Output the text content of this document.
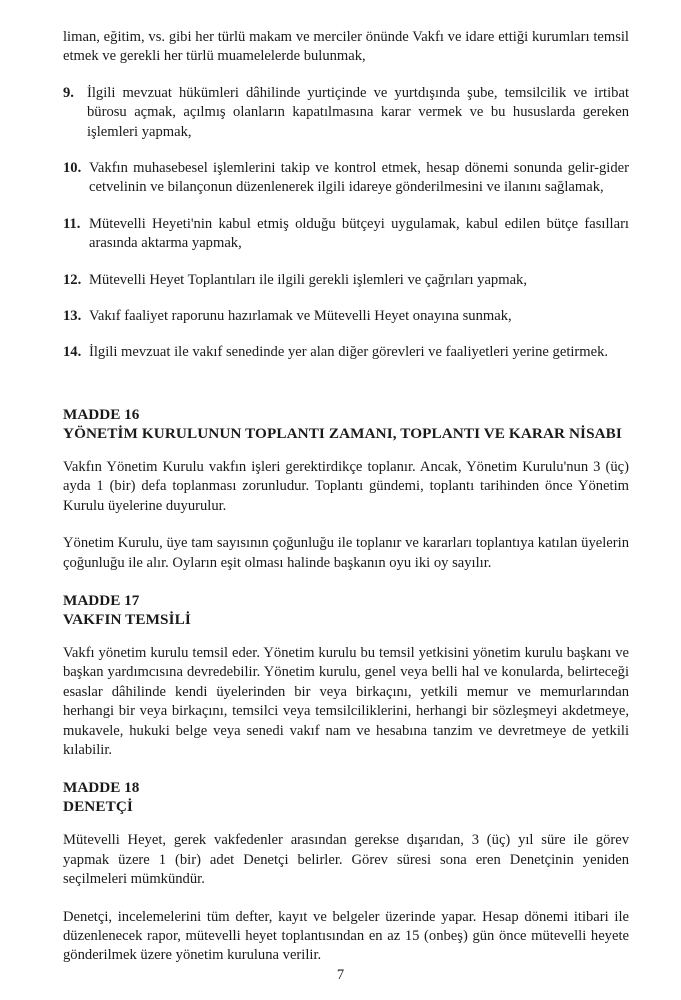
liman, eğitim, vs. gibi her türlü makam ve merciler önünde Vakfı ve idare ettiği kurumları temsil etmek ve gerekli her türlü muamelelerde bulunmak,

9. İlgili mevzuat hükümleri dâhilinde yurtiçinde ve yurtdışında şube, temsilcilik ve irtibat bürosu açmak, açılmış olanların kapatılmasına karar vermek ve bu hususlarda gereken işlemleri yapmak,
10. Vakfın muhasebesel işlemlerini takip ve kontrol etmek, hesap dönemi sonunda gelir-gider cetvelinin ve bilançonun düzenlenerek ilgili idareye gönderilmesini ve ilanını sağlamak,
11. Mütevelli Heyeti'nin kabul etmiş olduğu bütçeyi uygulamak, kabul edilen bütçe fasılları arasında aktarma yapmak,
12. Mütevelli Heyet Toplantıları ile ilgili gerekli işlemleri ve çağrıları yapmak,
13. Vakıf faaliyet raporunu hazırlamak ve Mütevelli Heyet onayına sunmak,
14. İlgili mevzuat ile vakıf senedinde yer alan diğer görevleri ve faaliyetleri yerine getirmek.
MADDE 16
YÖNETİM KURULUNUN TOPLANTI ZAMANI, TOPLANTI VE KARAR NİSABI

Vakfın Yönetim Kurulu vakfın işleri gerektirdikçe toplanır. Ancak, Yönetim Kurulu'nun 3 (üç) ayda 1 (bir) defa toplanması zorunludur. Toplantı gündemi, toplantı tarihinden önce Yönetim Kurulu üyelerine duyurulur.

Yönetim Kurulu, üye tam sayısının çoğunluğu ile toplanır ve kararları toplantıya katılan üyelerin çoğunluğu ile alır. Oyların eşit olması halinde başkanın oyu iki oy sayılır.

MADDE 17
VAKFIN TEMSİLİ

Vakfı yönetim kurulu temsil eder. Yönetim kurulu bu temsil yetkisini yönetim kurulu başkanı ve başkan yardımcısına devredebilir. Yönetim kurulu, genel veya belli hal ve konularda, belirteceği esaslar dâhilinde kendi üyelerinden bir veya birkaçını, yetkili memur ve memurlarından herhangi bir veya birkaçını, temsilci veya temsilciliklerini, herhangi bir sözleşmeyi akdetmeye, mukavele, hukuki belge veya senedi vakıf nam ve hesabına tanzim ve devretmeye de yetkili kılabilir.

MADDE 18
DENETÇİ

Mütevelli Heyet, gerek vakfedenler arasından gerekse dışarıdan, 3 (üç) yıl süre ile görev yapmak üzere 1 (bir) adet Denetçi belirler. Görev süresi sona eren Denetçinin yeniden seçilmeleri mümkündür.

Denetçi, incelemelerini tüm defter, kayıt ve belgeler üzerinde yapar. Hesap dönemi itibari ile düzenlenecek rapor, mütevelli heyet toplantısından en az 15 (onbeş) gün önce mütevelli heyete gönderilmek üzere yönetim kuruluna verilir.

7
